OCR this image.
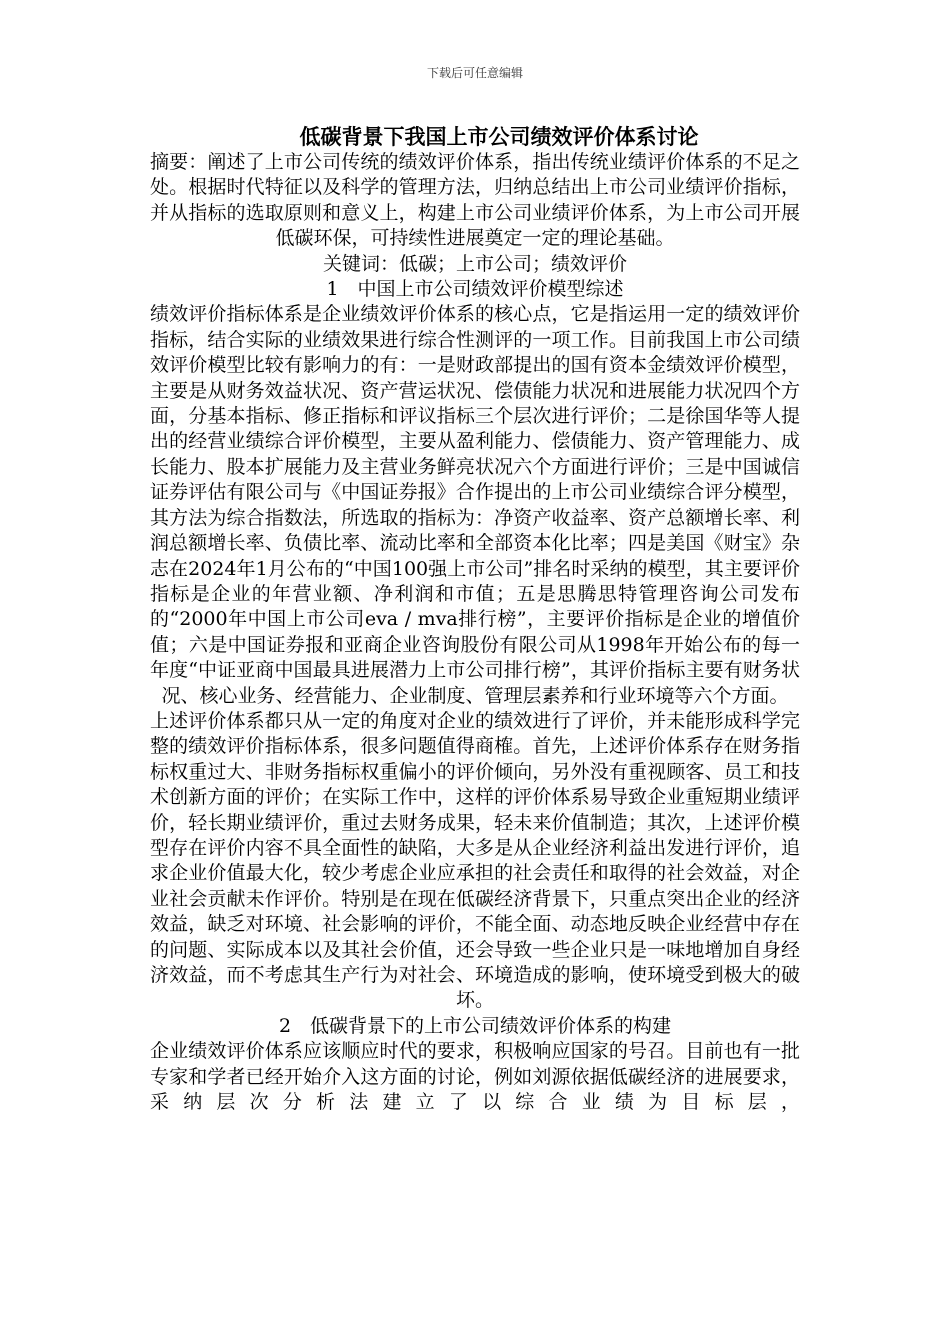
下载后可任意编辑

低碳背景下我国上市公司绩效评价体系讨论

摘要：阐述了上市公司传统的绩效评价体系，指出传统业绩评价体系的不足之处。根据时代特征以及科学的管理方法，归纳总结出上市公司业绩评价指标，并从指标的选取原则和意义上，构建上市公司业绩评价体系，为上市公司开展低碳环保，可持续性进展奠定一定的理论基础。

关键词：低碳；上市公司；绩效评价

1　中国上市公司绩效评价模型综述

绩效评价指标体系是企业绩效评价体系的核心点，它是指运用一定的绩效评价指标，结合实际的业绩效果进行综合性测评的一项工作。目前我国上市公司绩效评价模型比较有影响力的有：一是财政部提出的国有资本金绩效评价模型，主要是从财务效益状况、资产营运状况、偿债能力状况和进展能力状况四个方面，分基本指标、修正指标和评议指标三个层次进行评价；二是徐国华等人提出的经营业绩综合评价模型，主要从盈利能力、偿债能力、资产管理能力、成长能力、股本扩展能力及主营业务鲜亮状况六个方面进行评价；三是中国诚信证券评估有限公司与《中国证券报》合作提出的上市公司业绩综合评分模型，其方法为综合指数法，所选取的指标为：净资产收益率、资产总额增长率、利润总额增长率、负债比率、流动比率和全部资本化比率；四是美国《财宝》杂志在2024年1月公布的“中国100强上市公司”排名时采纳的模型，其主要评价指标是企业的年营业额、净利润和市值；五是思腾思特管理咨询公司发布的“2000年中国上市公司eva / mva排行榜”，主要评价指标是企业的增值价值；六是中国证券报和亚商企业咨询股份有限公司从1998年开始公布的每一年度“中证亚商中国最具进展潜力上市公司排行榜”，其评价指标主要有财务状况、核心业务、经营能力、企业制度、管理层素养和行业环境等六个方面。

上述评价体系都只从一定的角度对企业的绩效进行了评价，并未能形成科学完整的绩效评价指标体系，很多问题值得商榷。首先，上述评价体系存在财务指标权重过大、非财务指标权重偏小的评价倾向，另外没有重视顾客、员工和技术创新方面的评价；在实际工作中，这样的评价体系易导致企业重短期业绩评价，轻长期业绩评价，重过去财务成果，轻未来价值制造；其次，上述评价模型存在评价内容不具全面性的缺陷，大多是从企业经济利益出发进行评价，追求企业价值最大化，较少考虑企业应承担的社会责任和取得的社会效益，对企业社会贡献未作评价。特别是在现在低碳经济背景下，只重点突出企业的经济效益，缺乏对环境、社会影响的评价，不能全面、动态地反映企业经营中存在的问题、实际成本以及其社会价值，还会导致一些企业只是一味地增加自身经济效益，而不考虑其生产行为对社会、环境造成的影响，使环境受到极大的破坏。

2　低碳背景下的上市公司绩效评价体系的构建

企业绩效评价体系应该顺应时代的要求，积极响应国家的号召。目前也有一批专家和学者已经开始介入这方面的讨论，例如刘源依据低碳经济的进展要求，采纳层次分析法建立了以综合业绩为目标层，
